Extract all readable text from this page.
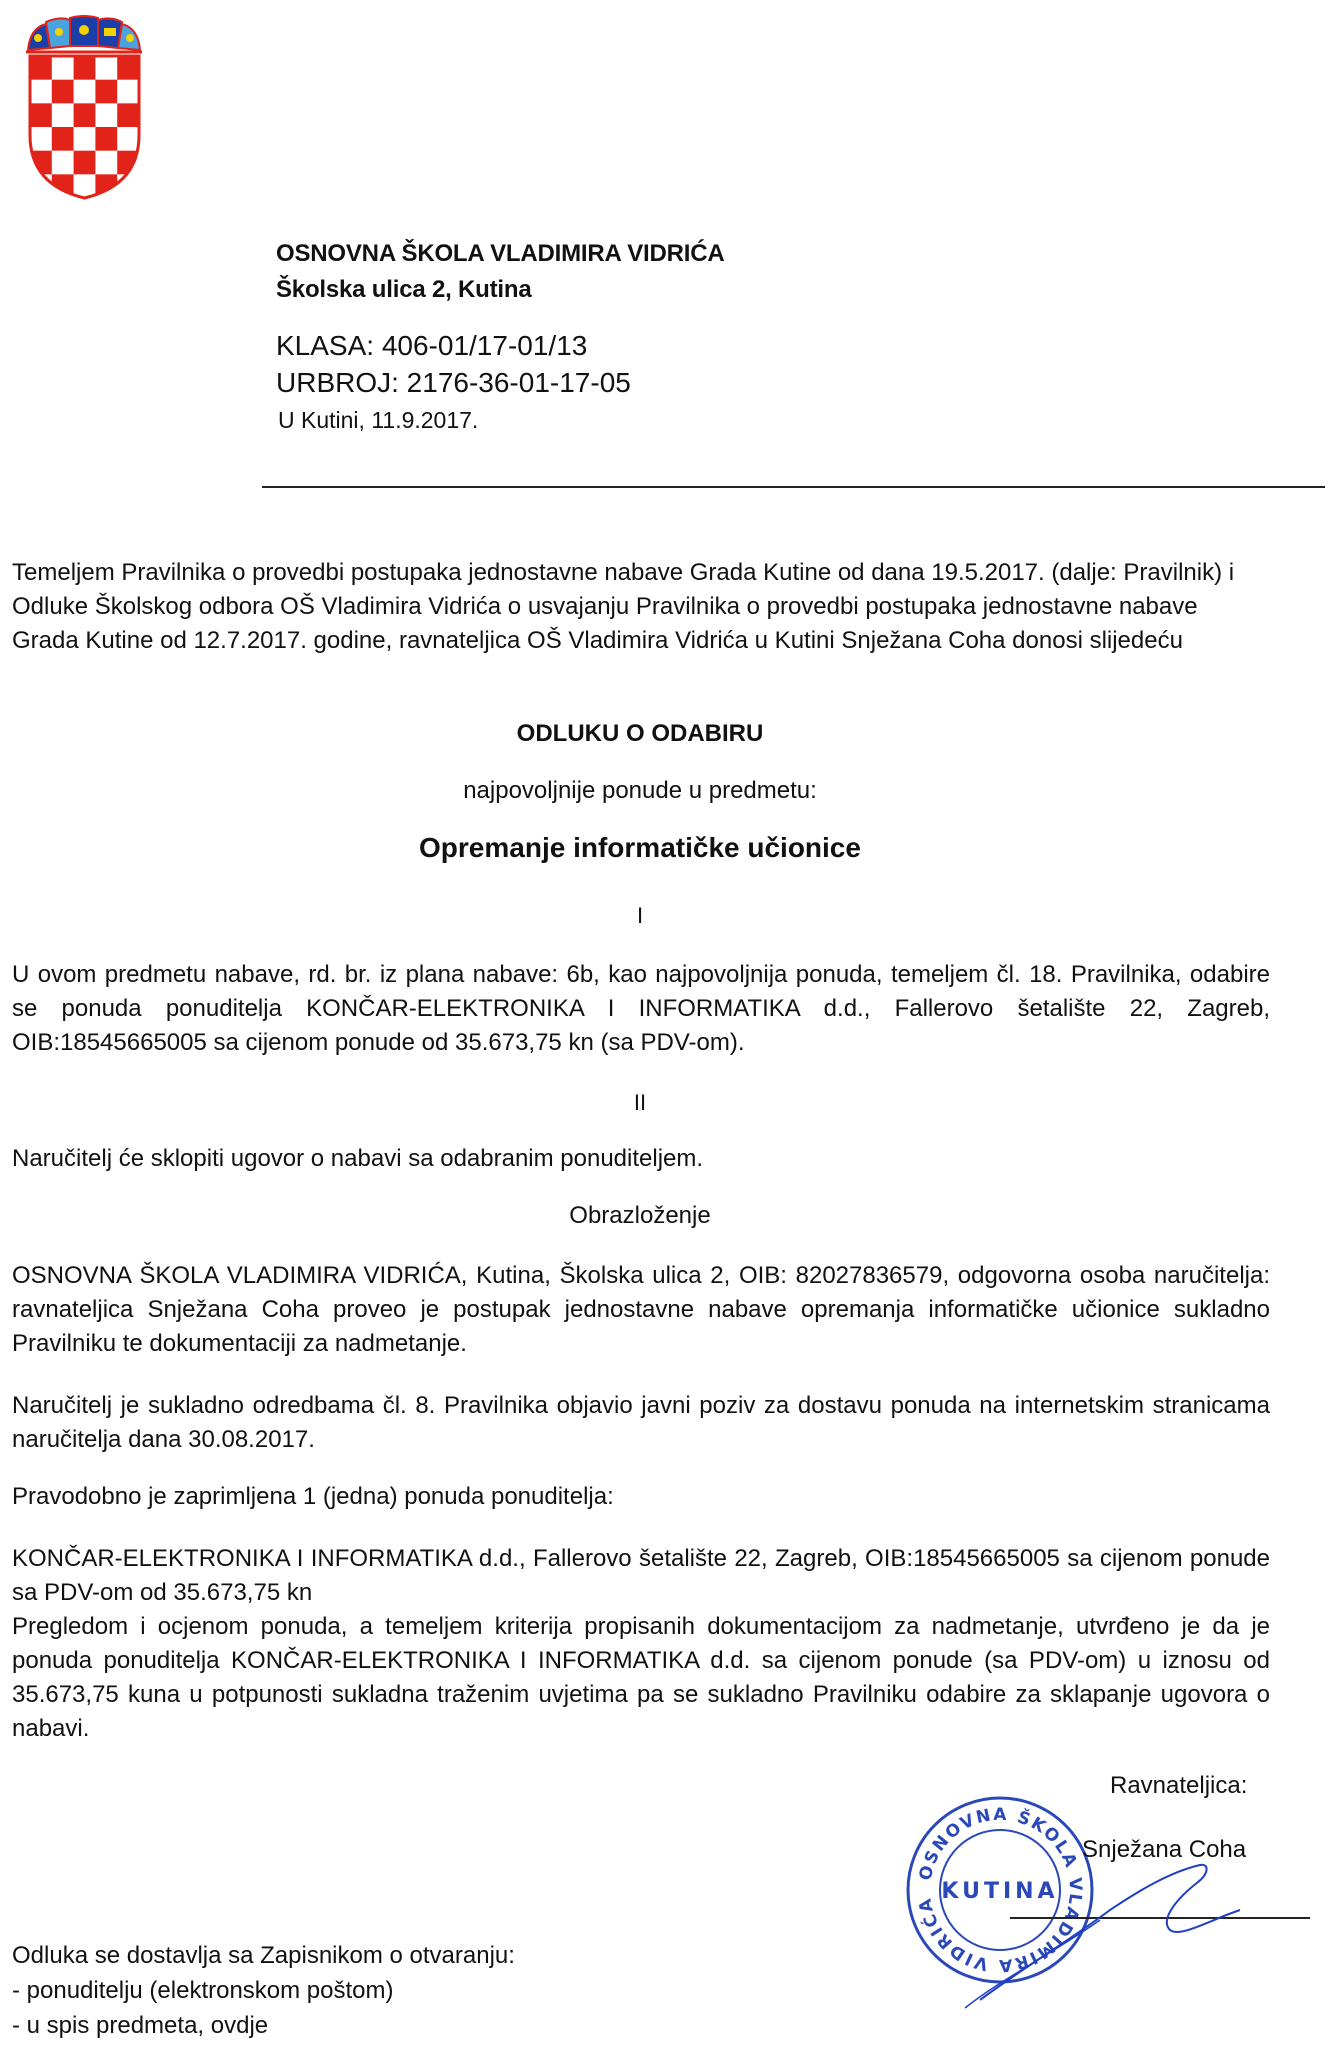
OSNOVNA ŠKOLA VLADIMIRA VIDRIĆA
Školska ulica 2, Kutina
KLASA: 406-01/17-01/13
URBROJ: 2176-36-01-17-05
U Kutini, 11.9.2017.
Temeljem Pravilnika o provedbi postupaka jednostavne nabave Grada Kutine od dana 19.5.2017. (dalje: Pravilnik) i Odluke Školskog odbora OŠ Vladimira Vidrića o usvajanju Pravilnika o provedbi postupaka jednostavne nabave Grada Kutine od 12.7.2017. godine, ravnateljica OŠ Vladimira Vidrića u Kutini Snježana Coha donosi slijedeću
ODLUKU O ODABIRU
najpovoljnije ponude u predmetu:
Opremanje informatičke učionice
I
U ovom predmetu nabave, rd. br. iz plana nabave: 6b, kao najpovoljnija ponuda, temeljem čl. 18. Pravilnika, odabire se ponuda ponuditelja KONČAR-ELEKTRONIKA I INFORMATIKA d.d., Fallerovo šetalište 22, Zagreb, OIB:18545665005 sa cijenom ponude od 35.673,75 kn (sa PDV-om).
II
Naručitelj će sklopiti ugovor o nabavi sa odabranim ponuditeljem.
Obrazloženje
OSNOVNA ŠKOLA VLADIMIRA VIDRIĆA, Kutina, Školska ulica 2, OIB: 82027836579, odgovorna osoba naručitelja: ravnateljica Snježana Coha proveo je postupak jednostavne nabave opremanja informatičke učionice sukladno Pravilniku te dokumentaciji za nadmetanje.
Naručitelj je sukladno odredbama čl. 8. Pravilnika objavio javni poziv za dostavu ponuda na internetskim stranicama naručitelja dana 30.08.2017.
Pravodobno je zaprimljena 1 (jedna) ponuda ponuditelja:
KONČAR-ELEKTRONIKA I INFORMATIKA d.d., Fallerovo šetalište 22, Zagreb, OIB:18545665005 sa cijenom ponude sa PDV-om od 35.673,75 kn
Pregledom i ocjenom ponuda, a temeljem kriterija propisanih dokumentacijom za nadmetanje, utvrđeno je da je ponuda ponuditelja KONČAR-ELEKTRONIKA I INFORMATIKA d.d. sa cijenom ponude (sa PDV-om) u iznosu od 35.673,75 kuna u potpunosti sukladna traženim uvjetima pa se sukladno Pravilniku odabire za sklapanje ugovora o nabavi.
Ravnateljica:
OSNOVNA ŠKOLA VLADIMIRA VIDRIĆA
KUTINA
Snježana Coha
Odluka se dostavlja sa Zapisnikom o otvaranju:
- ponuditelju (elektronskom poštom)
- u spis predmeta, ovdje
